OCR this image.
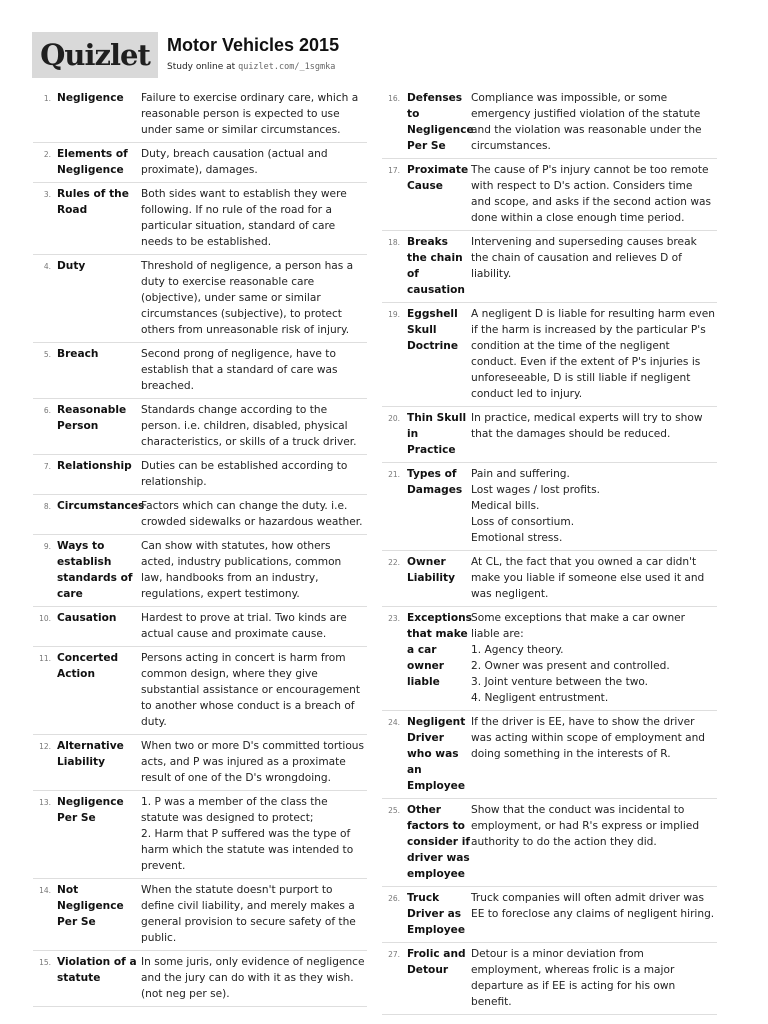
Quizlet Motor Vehicles 2015
Study online at quizlet.com/_1sgmka
1. Negligence	Failure to exercise ordinary care, which a reasonable person is expected to use under same or similar circumstances.
2. Elements of Negligence
Duty, breach causation (actual and proximate), damages.
3. Rules of the Road
Both sides want to establish they were following. If no rule of the road for a particular situation, standard of care needs to be established.
4. Duty	Threshold of negligence, a person has a duty to exercise reasonable care (objective), under same or similar circumstances (subjective), to protect others from unreasonable risk of injury.
5. Breach	Second prong of negligence, have to establish that a standard of care was breached.
6. Reasonable Person
Standards change according to the person. i.e. children, disabled, physical characteristics, or skills of a truck driver.
7. Relationship Duties can be established according to relationship.
8. Circumstances
Factors which can change the duty. i.e. crowded sidewalks or hazardous weather.
9. Ways to establish standards of care
Can show with statutes, how others acted, industry publications, common law, handbooks from an industry, regulations, expert testimony.
10. Causation	Hardest to prove at trial. Two kinds are actual cause and proximate cause.
11. Concerted Action
Persons acting in concert is harm from common design, where they give substantial assistance or encouragement to another whose conduct is a breach of duty.
12. Alternative Liability
When two or more D's committed tortious acts, and P was injured as a proximate result of one of the D's wrongdoing.
13. Negligence Per Se
1. P was a member of the class the statute was designed to protect;
2. Harm that P suffered was the type of harm which the statute was intended to prevent.
14. Not Negligence Per Se
When the statute doesn't purport to define civil liability, and merely makes a general provision to secure safety of the public.
15. Violation of a statute
In some juris, only evidence of negligence and the jury can do with it as they wish. (not neg per se).
16. Defenses to Negligence Per Se
Compliance was impossible, or some emergency justified violation of the statute and the violation was reasonable under the circumstances.
17. Proximate Cause
The cause of P's injury cannot be too remote with respect to D's action. Considers time and scope, and asks if the second action was done within a close enough time period.
18. Breaks the chain of causation
Intervening and superseding causes break the chain of causation and relieves D of liability.
19. Eggshell Skull Doctrine
A negligent D is liable for resulting harm even if the harm is increased by the particular P's condition at the time of the negligent conduct. Even if the extent of P's injuries is unforeseeable, D is still liable if negligent conduct led to injury.
20. Thin Skull in Practice
In practice, medical experts will try to show that the damages should be reduced.
21. Types of Damages
Pain and suffering.
Lost wages / lost profits.
Medical bills.
Loss of consortium.
Emotional stress.
22. Owner Liability
At CL, the fact that you owned a car didn't make you liable if someone else used it and was negligent.
23. Exceptions that make a car owner liable
Some exceptions that make a car owner liable are:
1. Agency theory.
2. Owner was present and controlled.
3. Joint venture between the two.
4. Negligent entrustment.
24. Negligent Driver who was an Employee
If the driver is EE, have to show the driver was acting within scope of employment and doing something in the interests of R.
25. Other factors to consider if driver was employee
Show that the conduct was incidental to employment, or had R's express or implied authority to do the action they did.
26. Truck Driver as Employee
Truck companies will often admit driver was EE to foreclose any claims of negligent hiring.
27. Frolic and Detour
Detour is a minor deviation from employment, whereas frolic is a major departure as if EE is acting for his own benefit.
